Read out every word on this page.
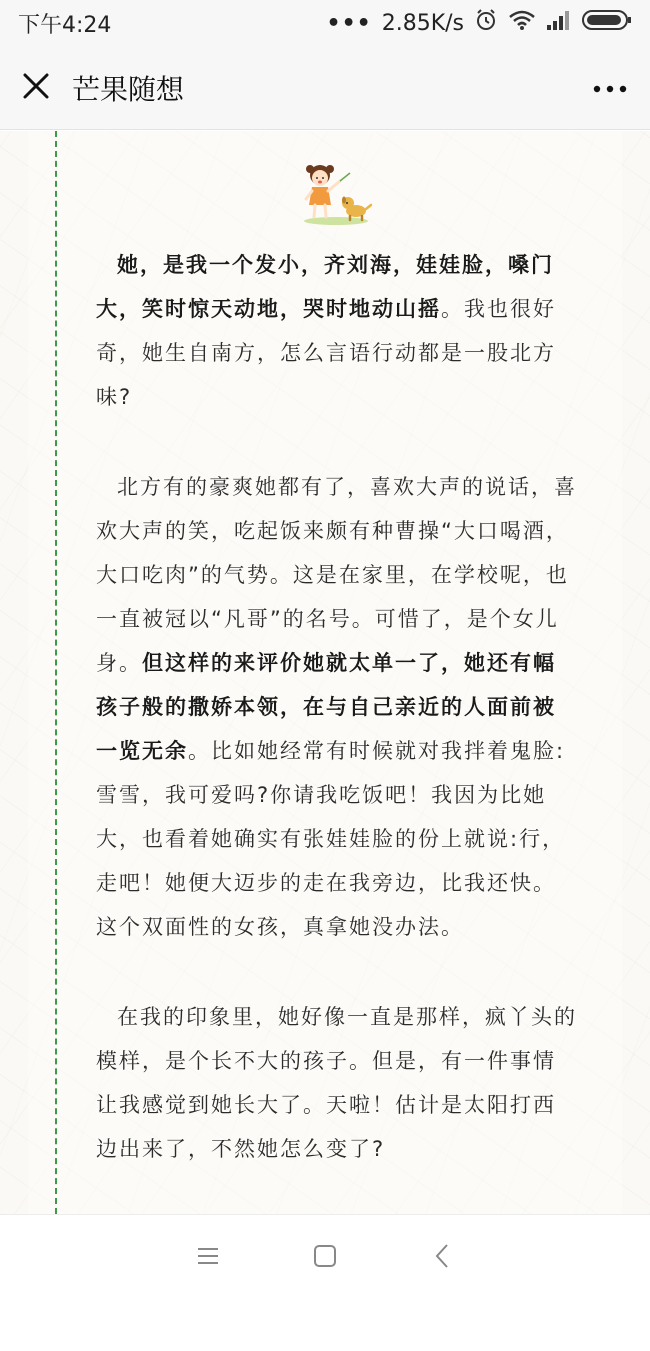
下午4:24	••• 2.85K/s
芒果随想

她，是我一个发小，齐刘海，娃娃脸，嗓门大，笑时惊天动地，哭时地动山摇。我也很好奇，她生自南方，怎么言语行动都是一股北方味?

北方有的豪爽她都有了，喜欢大声的说话，喜欢大声的笑，吃起饭来颇有种曹操“大口喝酒，大口吃肉”的气势。这是在家里，在学校呢，也一直被冠以“凡哥”的名号。可惜了，是个女儿身。但这样的来评价她就太单一了，她还有幅孩子般的撒娇本领，在与自己亲近的人面前被一览无余。比如她经常有时候就对我拌着鬼脸:雪雪，我可爱吗?你请我吃饭吧！我因为比她大，也看着她确实有张娃娃脸的份上就说:行，走吧！她便大迈步的走在我旁边，比我还快。这个双面性的女孩，真拿她没办法。

在我的印象里，她好像一直是那样，疯丫头的模样，是个长不大的孩子。但是，有一件事情让我感觉到她长大了。天啦！估计是太阳打西边出来了，不然她怎么变了?
